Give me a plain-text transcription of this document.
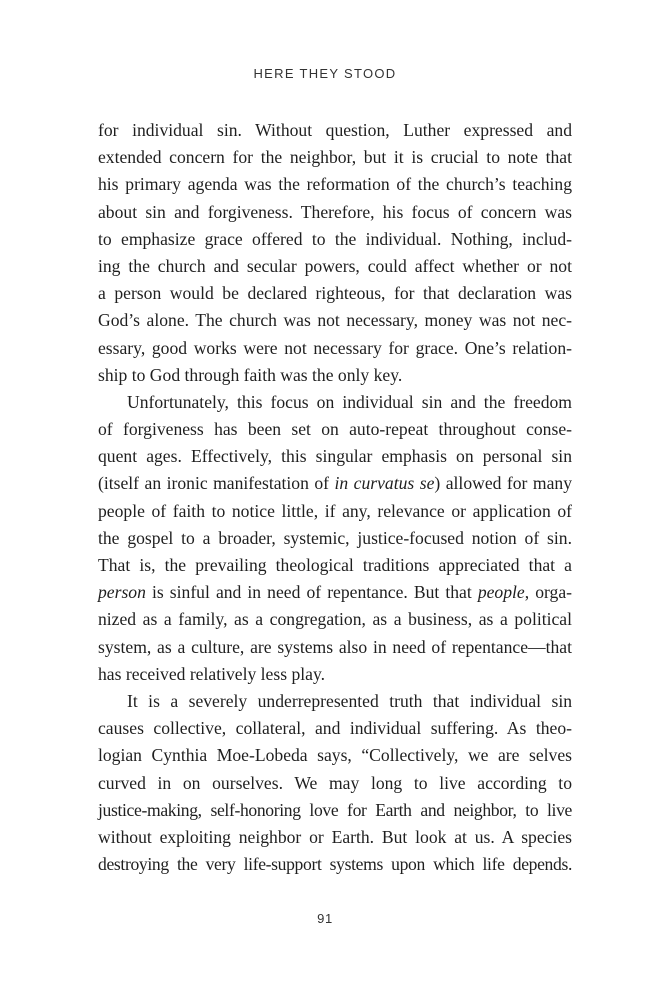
HERE THEY STOOD
for individual sin. Without question, Luther expressed and
extended concern for the neighbor, but it is crucial to note that
his primary agenda was the reformation of the church’s teaching
about sin and forgiveness. Therefore, his focus of concern was
to emphasize grace offered to the individual. Nothing, includ-
ing the church and secular powers, could affect whether or not
a person would be declared righteous, for that declaration was
God’s alone. The church was not necessary, money was not nec-
essary, good works were not necessary for grace. One’s relation-
ship to God through faith was the only key.
Unfortunately, this focus on individual sin and the freedom
of forgiveness has been set on auto-repeat throughout conse-
quent ages. Effectively, this singular emphasis on personal sin
(itself an ironic manifestation of in curvatus se) allowed for many
people of faith to notice little, if any, relevance or application of
the gospel to a broader, systemic, justice-focused notion of sin.
That is, the prevailing theological traditions appreciated that a
person is sinful and in need of repentance. But that people, orga-
nized as a family, as a congregation, as a business, as a political
system, as a culture, are systems also in need of repentance—that
has received relatively less play.
It is a severely underrepresented truth that individual sin
causes collective, collateral, and individual suffering. As theo-
logian Cynthia Moe-Lobeda says, “Collectively, we are selves
curved in on ourselves. We may long to live according to
justice-making, self-honoring love for Earth and neighbor, to live
without exploiting neighbor or Earth. But look at us. A species
destroying the very life-support systems upon which life depends.
91
